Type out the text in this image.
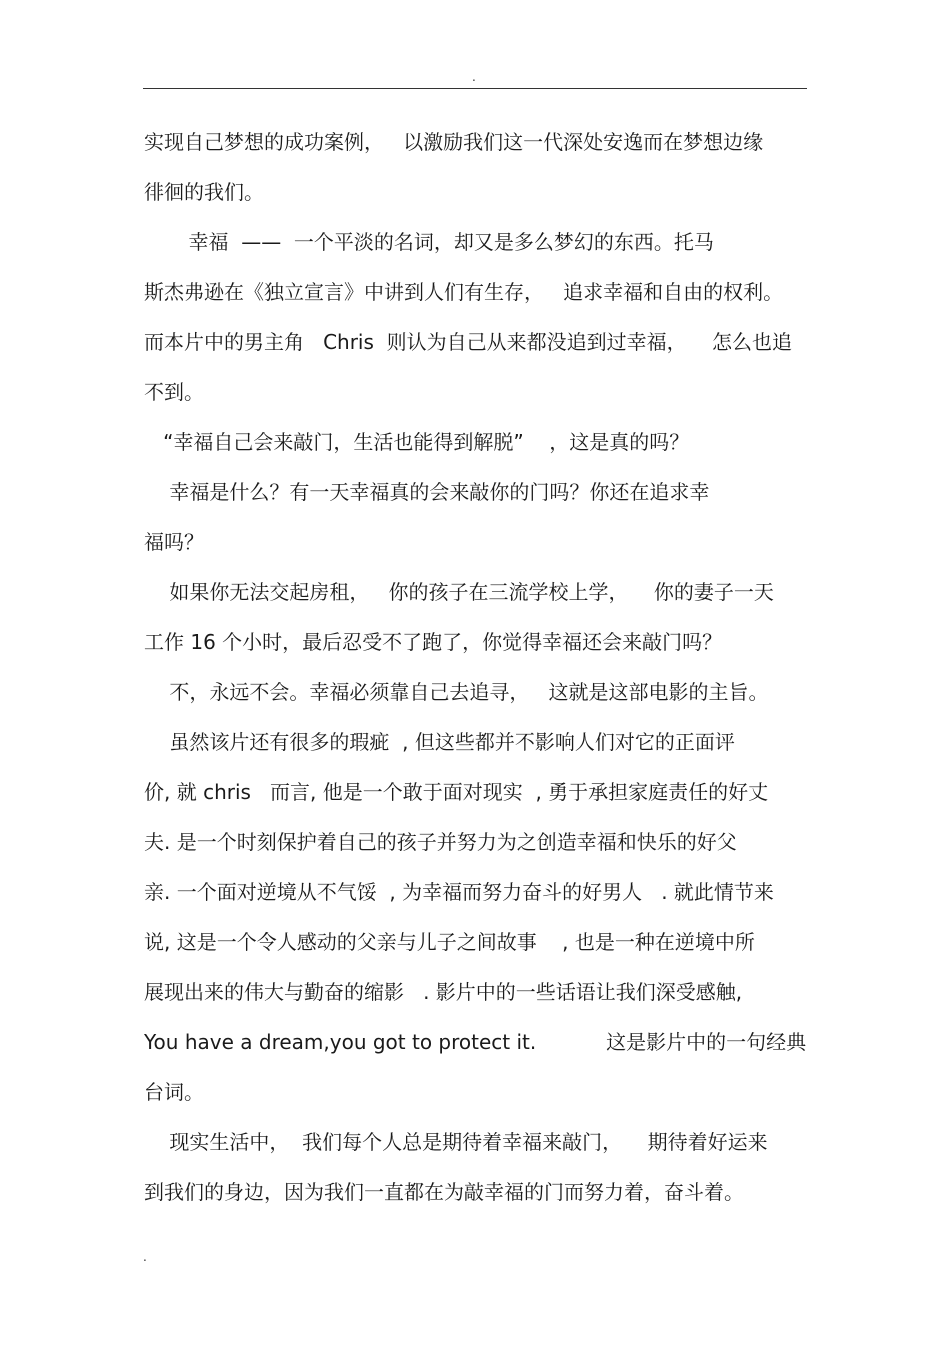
.
实现自己梦想的成功案例，   以激励我们这一代深处安逸而在梦想边缘
徘徊的我们。
幸福  ——  一个平淡的名词，却又是多么梦幻的东西。托马
斯杰弗逊在《独立宣言》中讲到人们有生存，   追求幸福和自由的权利。
而本片中的男主角   Chris  则认为自己从来都没追到过幸福，    怎么也追
不到。
“幸福自己会来敲门，生活也能得到解脱”    ，这是真的吗？
幸福是什么？有一天幸福真的会来敲你的门吗？你还在追求幸
福吗？
如果你无法交起房租，   你的孩子在三流学校上学，    你的妻子一天
工作 16 个小时，最后忍受不了跑了，你觉得幸福还会来敲门吗？
不，永远不会。幸福必须靠自己去追寻，   这就是这部电影的主旨。
虽然该片还有很多的瑕疵  , 但这些都并不影响人们对它的正面评
价, 就 chris   而言, 他是一个敢于面对现实  , 勇于承担家庭责任的好丈
夫. 是一个时刻保护着自己的孩子并努力为之创造幸福和快乐的好父
亲. 一个面对逆境从不气馁  , 为幸福而努力奋斗的好男人   . 就此情节来
说, 这是一个令人感动的父亲与儿子之间故事    , 也是一种在逆境中所
展现出来的伟大与勤奋的缩影   . 影片中的一些话语让我们深受感触,
You have a dream,you got to protect it.           这是影片中的一句经典
台词。
现实生活中，  我们每个人总是期待着幸福来敲门，    期待着好运来
到我们的身边，因为我们一直都在为敲幸福的门而努力着，奋斗着。
.
